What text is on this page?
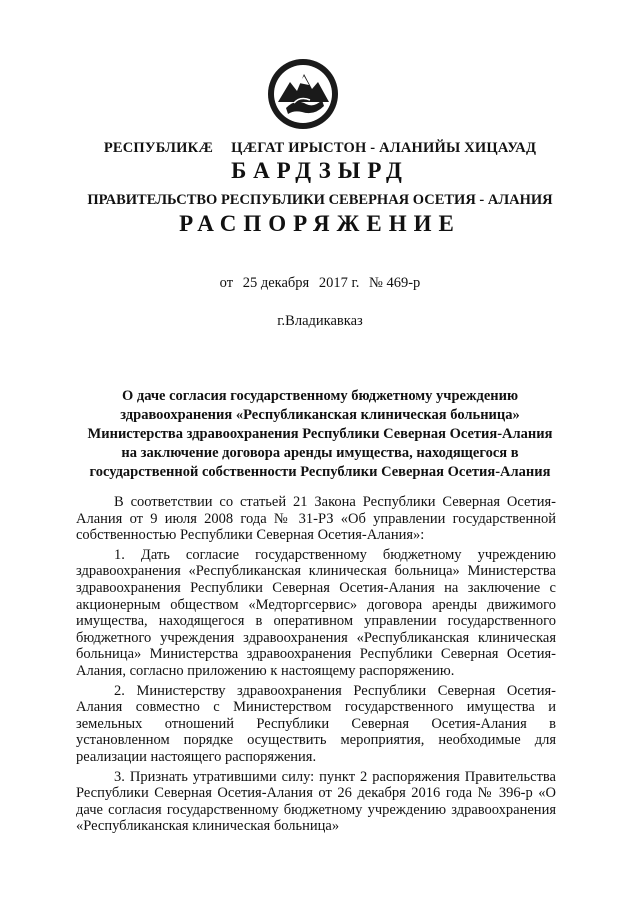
РЕСПУБЛИКӔ ЦӔГАТ ИРЫСТОН - АЛАНИЙЫ ХИЦАУАД
БАРДЗЫРД
ПРАВИТЕЛЬСТВО РЕСПУБЛИКИ СЕВЕРНАЯ ОСЕТИЯ - АЛАНИЯ
РАСПОРЯЖЕНИЕ
от 25 декабря 2017 г. № 469-р
г.Владикавказ
О даче согласия государственному бюджетному учреждению
здравоохранения «Республиканская клиническая больница»
Министерства здравоохранения Республики Северная Осетия-Алания
на заключение договора аренды имущества, находящегося в
государственной собственности Республики Северная Осетия-Алания

В соответствии со статьей 21 Закона Республики Северная Осетия-Алания от 9 июля 2008 года № 31-РЗ «Об управлении государственной собственностью Республики Северная Осетия-Алания»:

1. Дать согласие государственному бюджетному учреждению здравоохранения «Республиканская клиническая больница» Министерства здравоохранения Республики Северная Осетия-Алания на заключение с акционерным обществом «Медторгсервис» договора аренды движимого имущества, находящегося в оперативном управлении государственного бюджетного учреждения здравоохранения «Республиканская клиническая больница» Министерства здравоохранения Республики Северная Осетия-Алания, согласно приложению к настоящему распоряжению.

2. Министерству здравоохранения Республики Северная Осетия-Алания совместно с Министерством государственного имущества и земельных отношений Республики Северная Осетия-Алания в установленном порядке осуществить мероприятия, необходимые для реализации настоящего распоряжения.

3. Признать утратившими силу: пункт 2 распоряжения Правительства Республики Северная Осетия-Алания от 26 декабря 2016 года № 396-р «О даче согласия государственному бюджетному учреждению здравоохранения «Республиканская клиническая больница»
